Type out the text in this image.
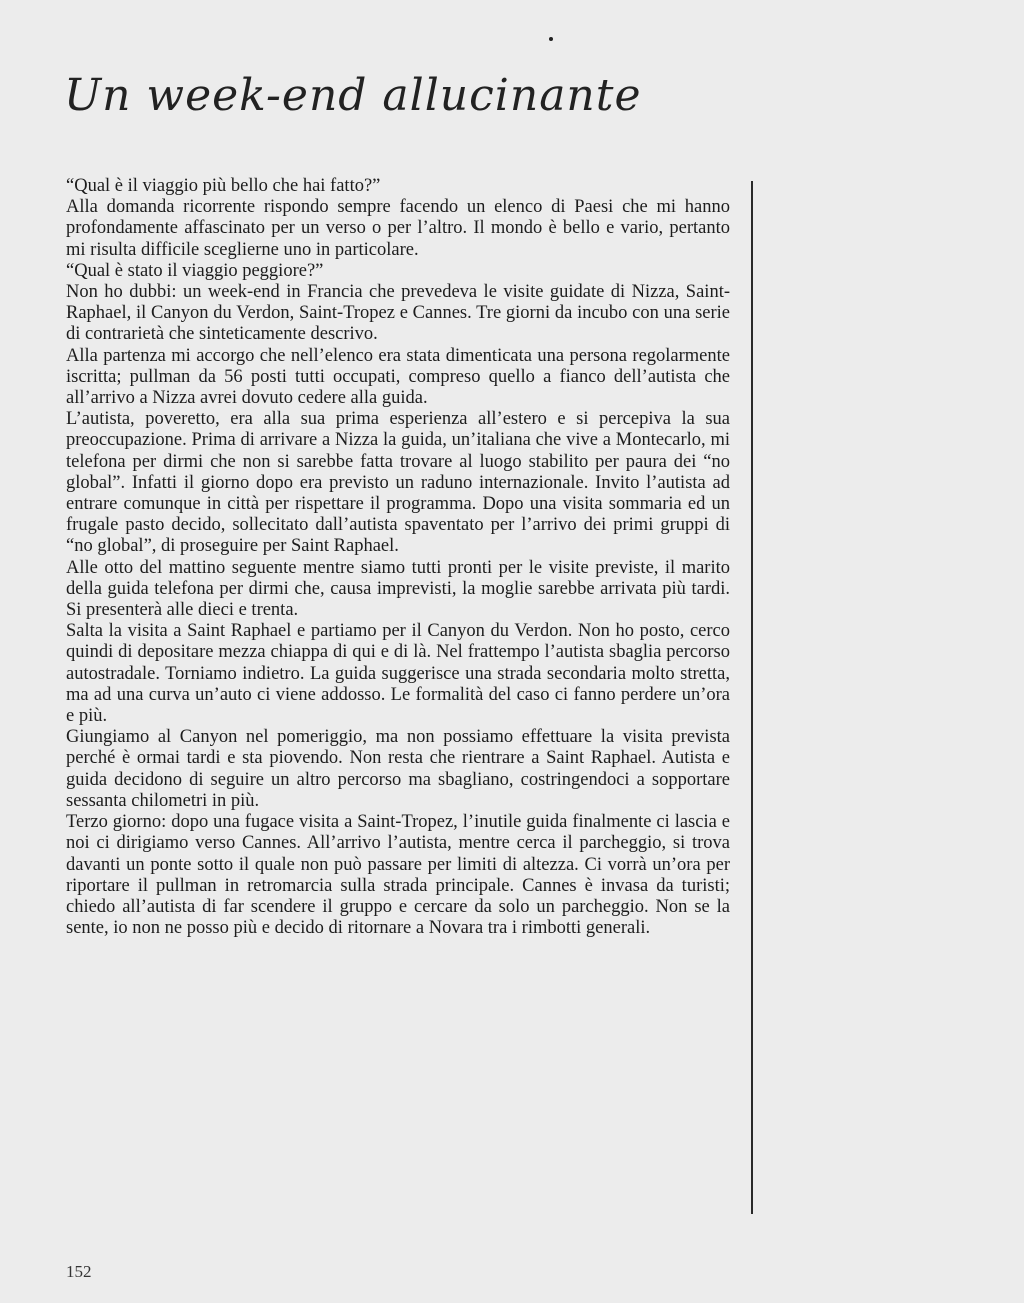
Un week-end allucinante

“Qual è il viaggio più bello che hai fatto?”

Alla domanda ricorrente rispondo sempre facendo un elenco di Paesi che mi hanno profondamente affascinato per un verso o per l’altro. Il mondo è bello e vario, pertanto mi risulta difficile sceglierne uno in particolare.

“Qual è stato il viaggio peggiore?”

Non ho dubbi: un week-end in Francia che prevedeva le visite guidate di Nizza, Saint-Raphael, il Canyon du Verdon, Saint-Tropez e Cannes. Tre giorni da incubo con una serie di contrarietà che sinteticamente descrivo.

Alla partenza mi accorgo che nell’elenco era stata dimenticata una persona regolarmente iscritta; pullman da 56 posti tutti occupati, compreso quello a fianco dell’autista che all’arrivo a Nizza avrei dovuto cedere alla guida.

L’autista, poveretto, era alla sua prima esperienza all’estero e si percepiva la sua preoccupazione. Prima di arrivare a Nizza la guida, un’italiana che vive a Montecarlo, mi telefona per dirmi che non si sarebbe fatta trovare al luogo stabilito per paura dei “no global”. Infatti il giorno dopo era previsto un raduno internazionale. Invito l’autista ad entrare comunque in città per rispettare il programma. Dopo una visita sommaria ed un frugale pasto decido, sollecitato dall’autista spaventato per l’arrivo dei primi gruppi di “no global”, di proseguire per Saint Raphael.

Alle otto del mattino seguente mentre siamo tutti pronti per le visite previste, il marito della guida telefona per dirmi che, causa imprevisti, la moglie sarebbe arrivata più tardi. Si presenterà alle dieci e trenta.

Salta la visita a Saint Raphael e partiamo per il Canyon du Verdon. Non ho posto, cerco quindi di depositare mezza chiappa di qui e di là. Nel frattempo l’autista sbaglia percorso autostradale. Torniamo indietro. La guida suggerisce una strada secondaria molto stretta, ma ad una curva un’auto ci viene addosso. Le formalità del caso ci fanno perdere un’ora e più.

Giungiamo al Canyon nel pomeriggio, ma non possiamo effettuare la visita prevista perché è ormai tardi e sta piovendo. Non resta che rientrare a Saint Raphael. Autista e guida decidono di seguire un altro percorso ma sbagliano, costringendoci a sopportare sessanta chilometri in più.

Terzo giorno: dopo una fugace visita a Saint-Tropez, l’inutile guida finalmente ci lascia e noi ci dirigiamo verso Cannes. All’arrivo l’autista, mentre cerca il parcheggio, si trova davanti un ponte sotto il quale non può passare per limiti di altezza. Ci vorrà un’ora per riportare il pullman in retromarcia sulla strada principale. Cannes è invasa da turisti; chiedo all’autista di far scendere il gruppo e cercare da solo un parcheggio. Non se la sente, io non ne posso più e decido di ritornare a Novara tra i rimbotti generali.

152
